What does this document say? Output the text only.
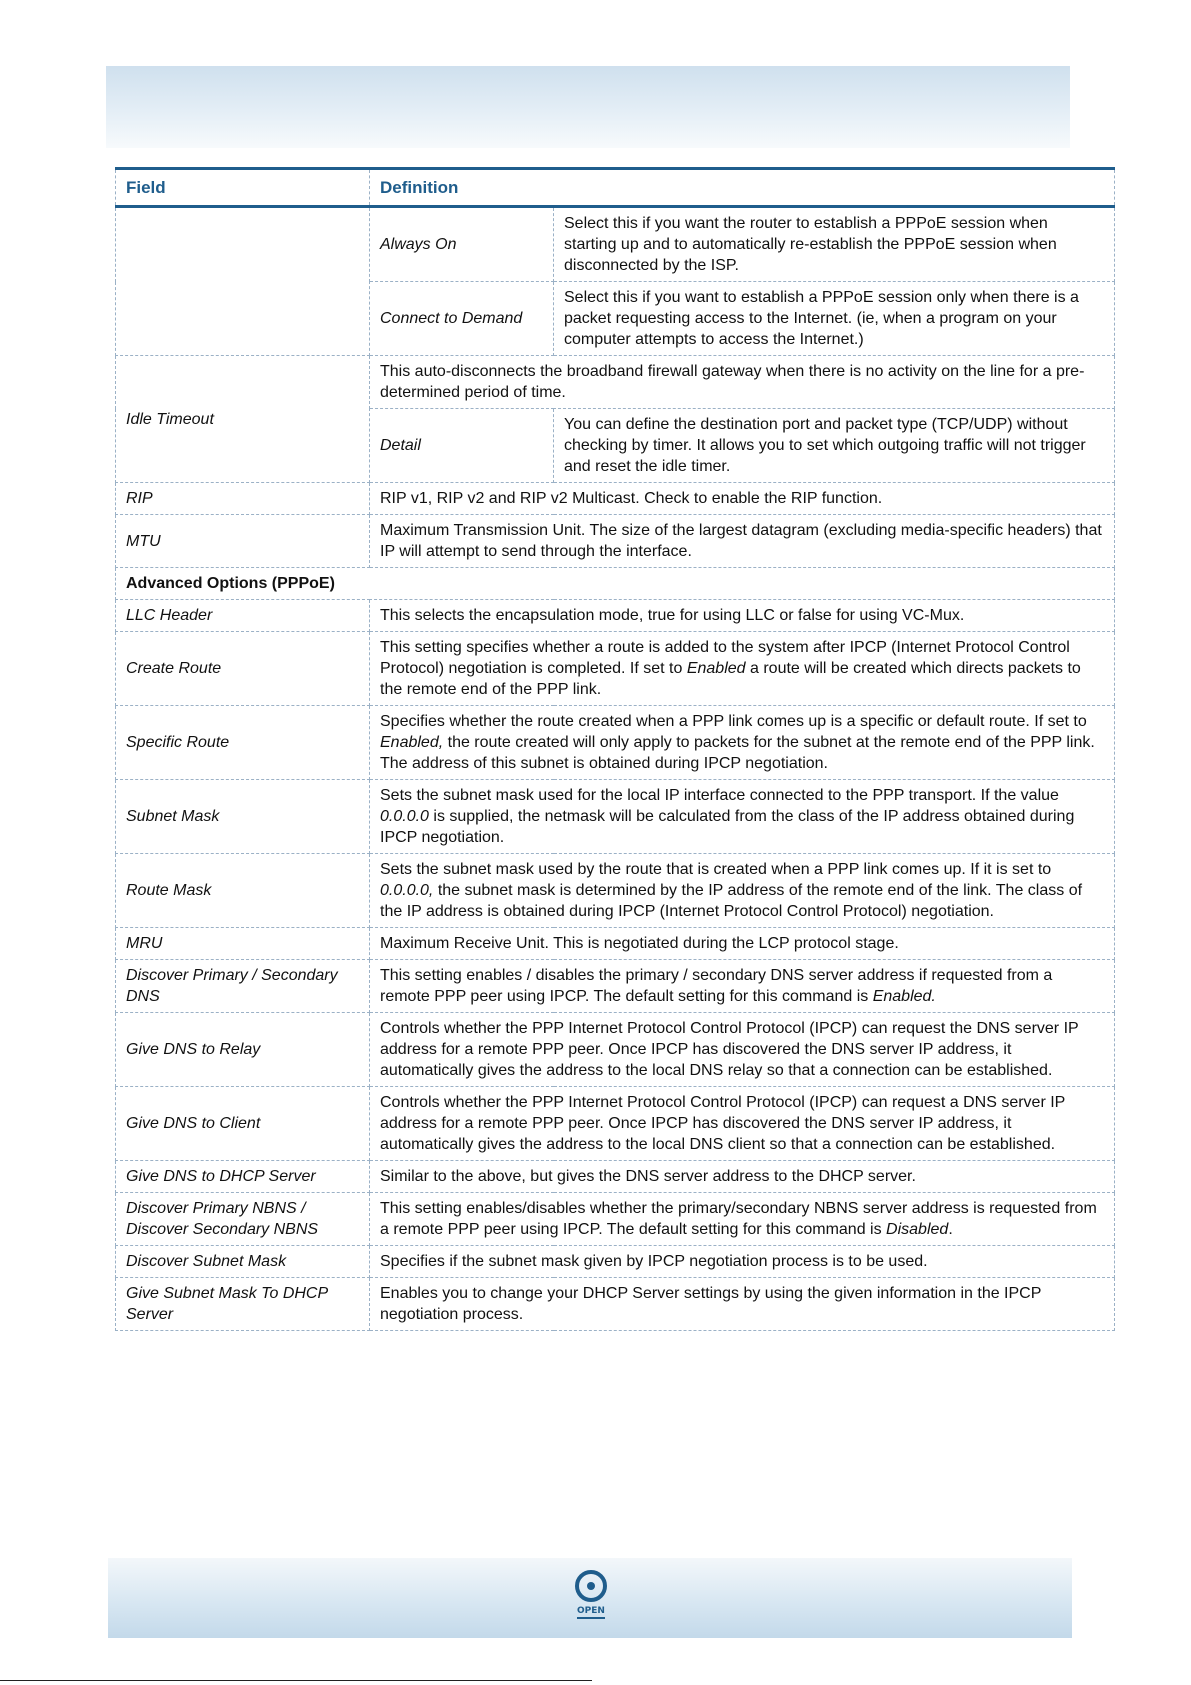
Field	Definition	
	Always On	Select this if you want the router to establish a PPPoE session when starting up and to automatically re-establish the PPPoE session when disconnected by the ISP.
	Connect to Demand	Select this if you want to establish a PPPoE session only when there is a packet requesting access to the Internet. (ie, when a program on your computer attempts to access the Internet.)
Idle Timeout	This auto-disconnects the broadband firewall gateway when there is no activity on the line for a pre-determined period of time.	
	Detail	You can define the destination port and packet type (TCP/UDP) without checking by timer. It allows you to set which outgoing traffic will not trigger and reset the idle timer.
RIP	RIP v1, RIP v2 and RIP v2 Multicast. Check to enable the RIP function.	
MTU	Maximum Transmission Unit. The size of the largest datagram (excluding media-specific headers) that IP will attempt to send through the interface.	
Advanced Options (PPPoE)		
LLC Header	This selects the encapsulation mode, true for using LLC or false for using VC-Mux.	
Create Route	This setting specifies whether a route is added to the system after IPCP (Internet Protocol Control Protocol) negotiation is completed. If set to Enabled a route will be created which directs packets to the remote end of the PPP link.	
Specific Route	Specifies whether the route created when a PPP link comes up is a specific or default route. If set to Enabled, the route created will only apply to packets for the subnet at the remote end of the PPP link. The address of this subnet is obtained during IPCP negotiation.	
Subnet Mask	Sets the subnet mask used for the local IP interface connected to the PPP transport. If the value 0.0.0.0 is supplied, the netmask will be calculated from the class of the IP address obtained during IPCP negotiation.	
Route Mask	Sets the subnet mask used by the route that is created when a PPP link comes up. If it is set to 0.0.0.0, the subnet mask is determined by the IP address of the remote end of the link. The class of the IP address is obtained during IPCP (Internet Protocol Control Protocol) negotiation.	
MRU	Maximum Receive Unit. This is negotiated during the LCP protocol stage.	
Discover Primary / Secondary DNS	This setting enables / disables the primary / secondary DNS server address if requested from a remote PPP peer using IPCP. The default setting for this command is Enabled.	
Give DNS to Relay	Controls whether the PPP Internet Protocol Control Protocol (IPCP) can request the DNS server IP address for a remote PPP peer. Once IPCP has discovered the DNS server IP address, it automatically gives the address to the local DNS relay so that a connection can be established.	
Give DNS to Client	Controls whether the PPP Internet Protocol Control Protocol (IPCP) can request a DNS server IP address for a remote PPP peer. Once IPCP has discovered the DNS server IP address, it automatically gives the address to the local DNS client so that a connection can be established.	
Give DNS to DHCP Server	Similar to the above, but gives the DNS server address to the DHCP server.	
Discover Primary NBNS / Discover Secondary NBNS	This setting enables/disables whether the primary/secondary NBNS server address is requested from a remote PPP peer using IPCP. The default setting for this command is Disabled.	
Discover Subnet Mask	Specifies if the subnet mask given by IPCP negotiation process is to be used.	
Give Subnet Mask To DHCP Server	Enables you to change your DHCP Server settings by using the given information in the IPCP negotiation process.	
OPEN
